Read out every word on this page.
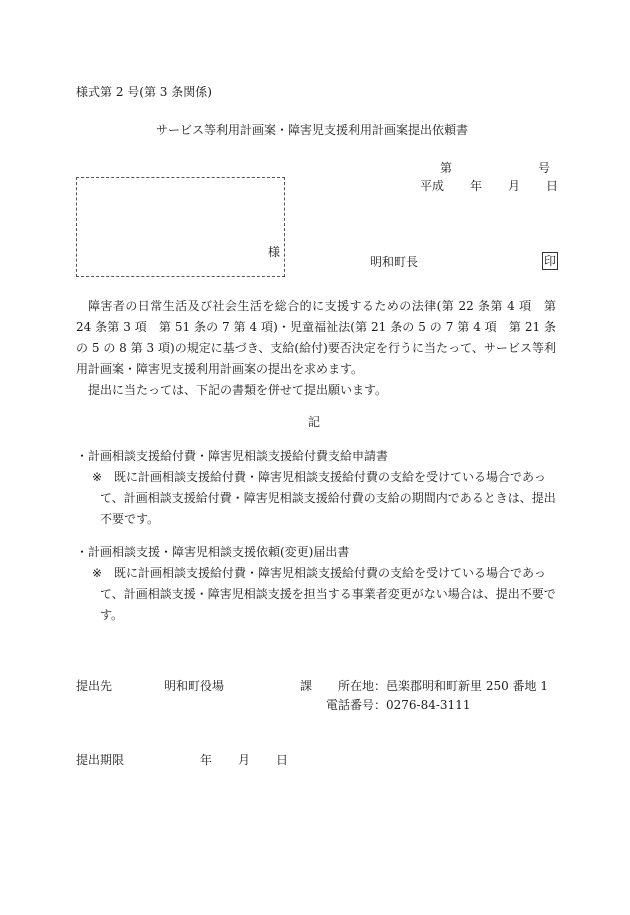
様式第 2 号(第 3 条関係)
サービス等利用計画案・障害児支援利用計画案提出依頼書
第	号
平成 年 月 日
様
明和町長	印

障害者の日常生活及び社会生活を総合的に支援するための法律(第 22 条第 4 項　第 24 条第 3 項　第 51 条の 7 第 4 項)・児童福祉法(第 21 条の 5 の 7 第 4 項　第 21 条の 5 の 8 第 3 項)の規定に基づき、支給(給付)要否決定を行うに当たって、サービス等利用計画案・障害児支援利用計画案の提出を求めます。

提出に当たっては、下記の書類を併せて提出願います。

記
・計画相談支援給付費・障害児相談支援給付費支給申請書
※ 既に計画相談支援給付費・障害児相談支援給付費の支給を受けている場合であって、計画相談支援給付費・障害児相談支援給付費の支給の期間内であるときは、提出不要です。
・計画相談支援・障害児相談支援依頼(変更)届出書
※ 既に計画相談支援給付費・障害児相談支援給付費の支給を受けている場合であって、計画相談支援・障害児相談支援を担当する事業者変更がない場合は、提出不要です。
提出先	明和町役場	課 所在地：邑楽郡明和町新里 250 番地 1
電話番号：0276-84-3111
提出期限	年 月 日
